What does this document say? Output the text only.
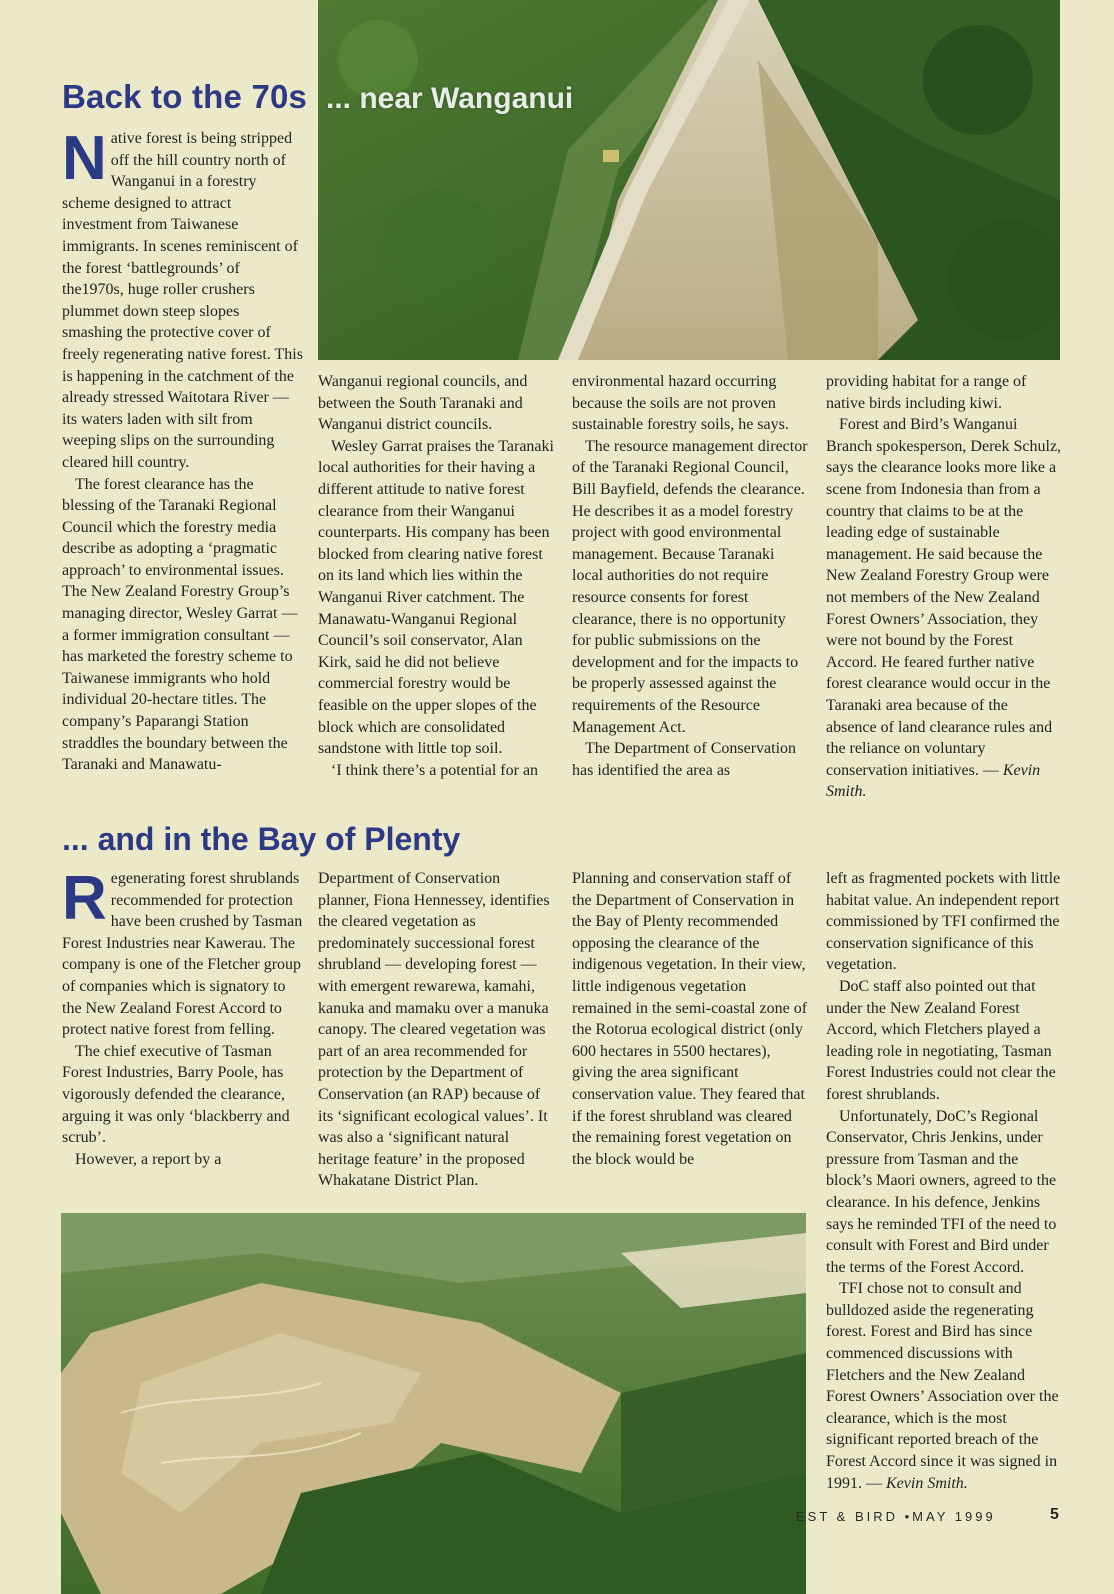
Back to the 70s ... near Wanganui

Native forest is being stripped off the hill country north of Wanganui in a forestry scheme designed to attract investment from Taiwanese immigrants. In scenes reminiscent of the forest ‘battlegrounds’ of the1970s, huge roller crushers plummet down steep slopes smashing the protective cover of freely regenerating native forest. This is happening in the catchment of the already stressed Waitotara River — its waters laden with silt from weeping slips on the surrounding cleared hill country.

The forest clearance has the blessing of the Taranaki Regional Council which the forestry media describe as adopting a ‘pragmatic approach’ to environmental issues. The New Zealand Forestry Group’s managing director, Wesley Garrat — a former immigration consultant — has marketed the forestry scheme to Taiwanese immigrants who hold individual 20-hectare titles. The company’s Paparangi Station straddles the boundary between the Taranaki and Manawatu-

Wanganui regional councils, and between the South Taranaki and Wanganui district councils.

Wesley Garrat praises the Taranaki local authorities for their having a different attitude to native forest clearance from their Wanganui counterparts. His company has been blocked from clearing native forest on its land which lies within the Wanganui River catchment. The Manawatu-Wanganui Regional Council’s soil conservator, Alan Kirk, said he did not believe commercial forestry would be feasible on the upper slopes of the block which are consolidated sandstone with little top soil.

‘I think there’s a potential for an

environmental hazard occurring because the soils are not proven sustainable forestry soils, he says.

The resource management director of the Taranaki Regional Council, Bill Bayfield, defends the clearance. He describes it as a model forestry project with good environmental management. Because Taranaki local authorities do not require resource consents for forest clearance, there is no opportunity for public submissions on the development and for the impacts to be properly assessed against the requirements of the Resource Management Act.

The Department of Conservation has identified the area as

providing habitat for a range of native birds including kiwi.

Forest and Bird’s Wanganui Branch spokesperson, Derek Schulz, says the clearance looks more like a scene from Indonesia than from a country that claims to be at the leading edge of sustainable management. He said because the New Zealand Forestry Group were not members of the New Zealand Forest Owners’ Association, they were not bound by the Forest Accord. He feared further native forest clearance would occur in the Taranaki area because of the absence of land clearance rules and the reliance on voluntary conservation initiatives. — Kevin Smith.

... and in the Bay of Plenty

Regenerating forest shrublands recommended for protection have been crushed by Tasman Forest Industries near Kawerau. The company is one of the Fletcher group of companies which is signatory to the New Zealand Forest Accord to protect native forest from felling.

The chief executive of Tasman Forest Industries, Barry Poole, has vigorously defended the clearance, arguing it was only ‘blackberry and scrub’.

However, a report by a

Department of Conservation planner, Fiona Hennessey, identifies the cleared vegetation as predominately successional forest shrubland — developing forest — with emergent rewarewa, kamahi, kanuka and mamaku over a manuka canopy. The cleared vegetation was part of an area recommended for protection by the Department of Conservation (an RAP) because of its ‘significant ecological values’. It was also a ‘significant natural heritage feature’ in the proposed Whakatane District Plan.

Planning and conservation staff of the Department of Conservation in the Bay of Plenty recommended opposing the clearance of the indigenous vegetation. In their view, little indigenous vegetation remained in the semi-coastal zone of the Rotorua ecological district (only 600 hectares in 5500 hectares), giving the area significant conservation value. They feared that if the forest shrubland was cleared the remaining forest vegetation on the block would be

left as fragmented pockets with little habitat value. An independent report commissioned by TFI confirmed the conservation significance of this vegetation.

DoC staff also pointed out that under the New Zealand Forest Accord, which Fletchers played a leading role in negotiating, Tasman Forest Industries could not clear the forest shrublands.

Unfortunately, DoC’s Regional Conservator, Chris Jenkins, under pressure from Tasman and the block’s Maori owners, agreed to the clearance. In his defence, Jenkins says he reminded TFI of the need to consult with Forest and Bird under the terms of the Forest Accord.

TFI chose not to consult and bulldozed aside the regenerating forest. Forest and Bird has since commenced discussions with Fletchers and the New Zealand Forest Owners’ Association over the clearance, which is the most significant reported breach of the Forest Accord since it was signed in 1991. — Kevin Smith.

EST & BIRD •MAY 1999	5
